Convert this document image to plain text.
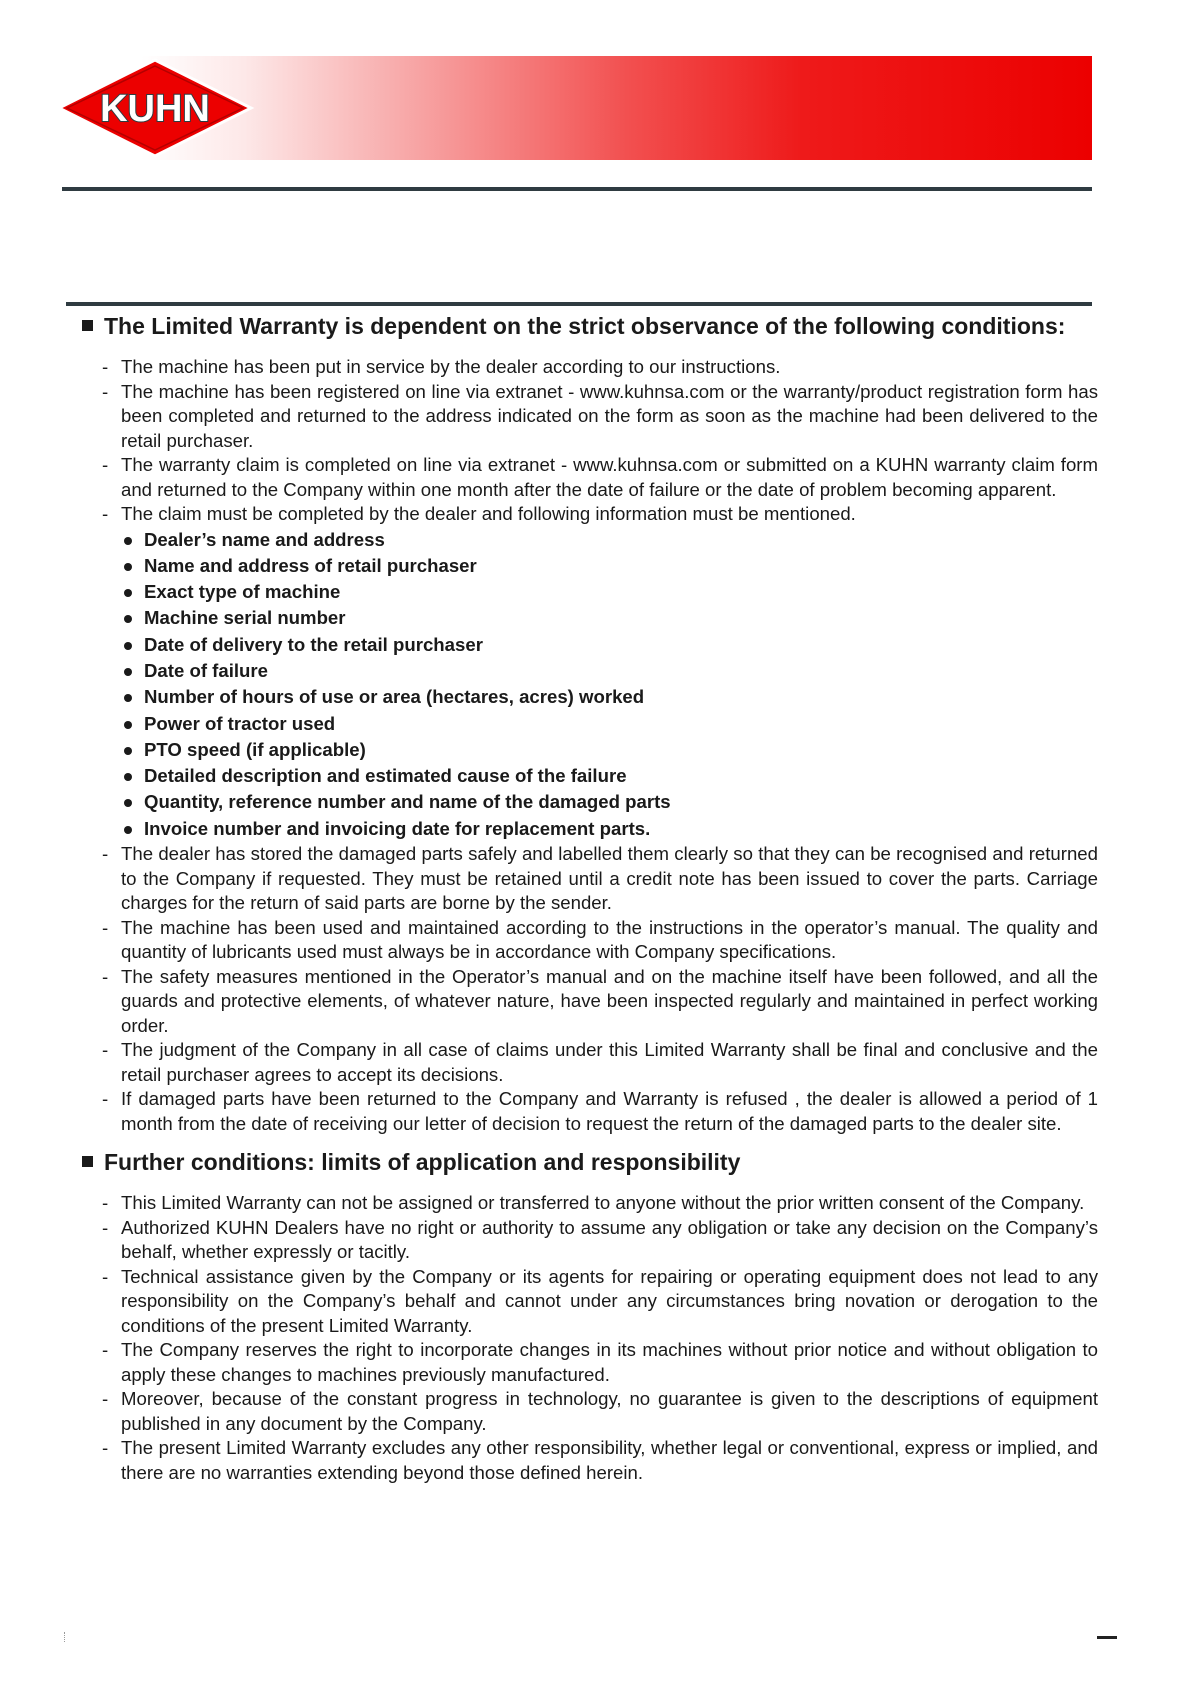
KUHN
The Limited Warranty is dependent on the strict observance of the following conditions:
- The machine has been put in service by the dealer according to our instructions.
- The machine has been registered on line via extranet - www.kuhnsa.com or the warranty/product registration form has been completed and returned to the address indicated on the form as soon as the machine had been delivered to the retail purchaser.
- The warranty claim is completed on line via extranet - www.kuhnsa.com or submitted on a KUHN warranty claim form and returned to the Company within one month after the date of failure or the date of problem becoming apparent.
- The claim must be completed by the dealer and following information must be mentioned.
Dealer’s name and address
Name and address of retail purchaser
Exact type of machine
Machine serial number
Date of delivery to the retail purchaser
Date of failure
Number of hours of use or area (hectares, acres) worked
Power of tractor used
PTO speed (if applicable)
Detailed description and estimated cause of the failure
Quantity, reference number and name of the damaged parts
Invoice number and invoicing date for replacement parts.
- The dealer has stored the damaged parts safely and labelled them clearly so that they can be recognised and returned to the Company if requested. They must be retained until a credit note has been issued to cover the parts. Carriage charges for the return of said parts are borne by the sender.
- The machine has been used and maintained according to the instructions in the operator’s manual. The quality and quantity of lubricants used must always be in accordance with Company specifications.
- The safety measures mentioned in the Operator’s manual and on the machine itself have been followed, and all the guards and protective elements, of whatever nature, have been inspected regularly and maintained in perfect working order.
- The judgment of the Company in all case of claims under this Limited Warranty shall be final and conclusive and the retail purchaser agrees to accept its decisions.
- If damaged parts have been returned to the Company and Warranty is refused , the dealer is allowed a period of 1 month from the date of receiving our letter of decision to request the return of the damaged parts to the dealer site.
Further conditions: limits of application and responsibility
- This Limited Warranty can not be assigned or transferred to anyone without the prior written consent of the Company.
- Authorized KUHN Dealers have no right or authority to assume any obligation or take any decision on the Company’s behalf, whether expressly or tacitly.
- Technical assistance given by the Company or its agents for repairing or operating equipment does not lead to any responsibility on the Company’s behalf and cannot under any circumstances bring novation or derogation to the conditions of the present Limited Warranty.
- The Company reserves the right to incorporate changes in its machines without prior notice and without obligation to apply these changes to machines previously manufactured.
- Moreover, because of the constant progress in technology, no guarantee is given to the descriptions of equipment published in any document by the Company.
- The present Limited Warranty excludes any other responsibility, whether legal or conventional, express or implied, and there are no warranties extending beyond those defined herein.
